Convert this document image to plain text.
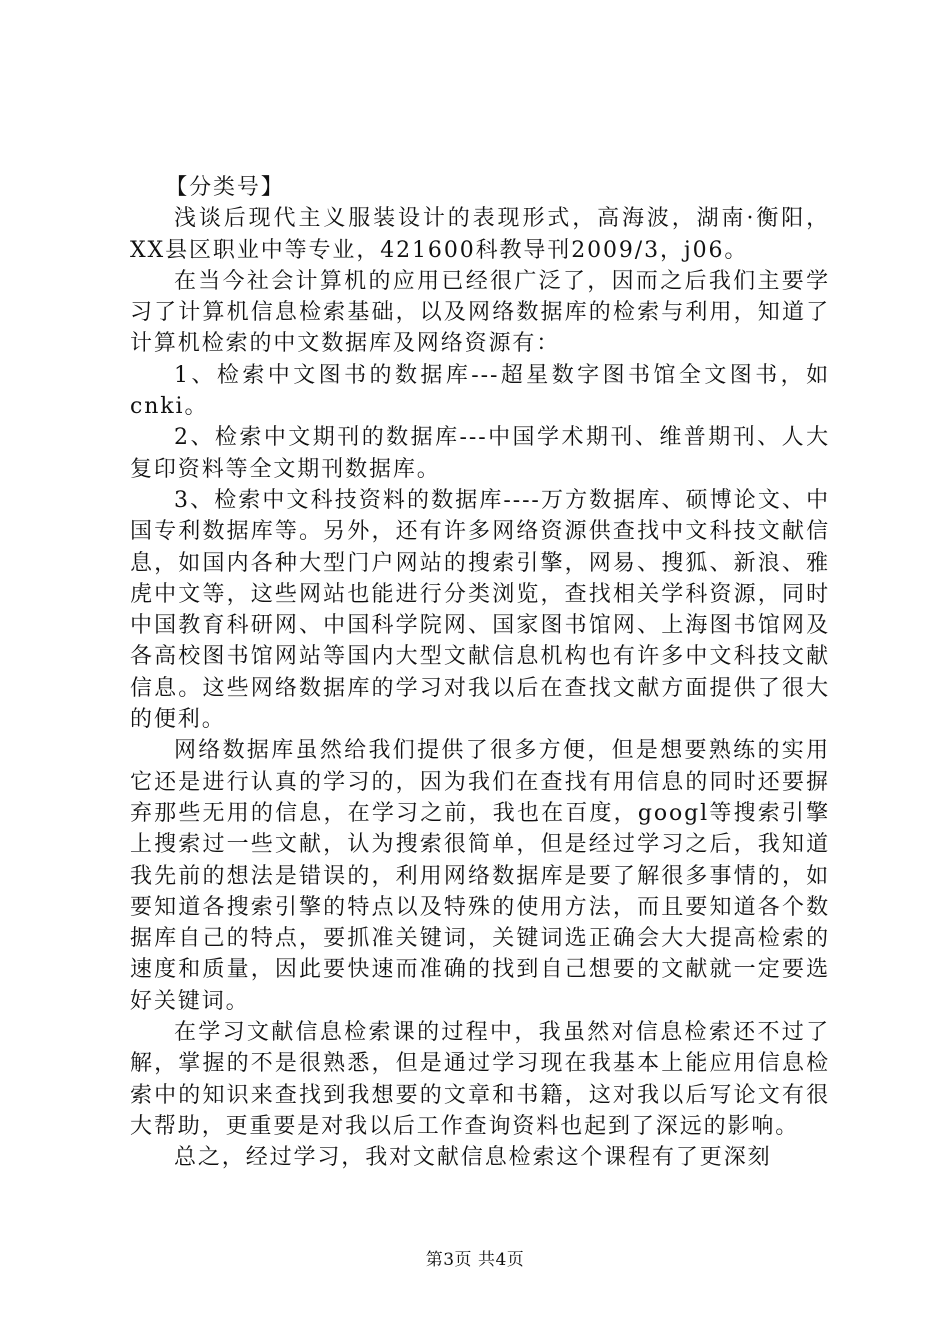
【分类号】

浅谈后现代主义服装设计的表现形式，高海波，湖南·衡阳，XX县区职业中等专业，421600科教导刊2009/3，j06。

在当今社会计算机的应用已经很广泛了，因而之后我们主要学习了计算机信息检索基础，以及网络数据库的检索与利用，知道了计算机检索的中文数据库及网络资源有：

1、检索中文图书的数据库---超星数字图书馆全文图书，如cnki。

2、检索中文期刊的数据库---中国学术期刊、维普期刊、人大复印资料等全文期刊数据库。

3、检索中文科技资料的数据库----万方数据库、硕博论文、中国专利数据库等。另外，还有许多网络资源供查找中文科技文献信息，如国内各种大型门户网站的搜索引擎，网易、搜狐、新浪、雅虎中文等，这些网站也能进行分类浏览，查找相关学科资源，同时中国教育科研网、中国科学院网、国家图书馆网、上海图书馆网及各高校图书馆网站等国内大型文献信息机构也有许多中文科技文献信息。这些网络数据库的学习对我以后在查找文献方面提供了很大的便利。

网络数据库虽然给我们提供了很多方便，但是想要熟练的实用它还是进行认真的学习的，因为我们在查找有用信息的同时还要摒弃那些无用的信息，在学习之前，我也在百度，googl等搜索引擎上搜索过一些文献，认为搜索很简单，但是经过学习之后，我知道我先前的想法是错误的，利用网络数据库是要了解很多事情的，如要知道各搜索引擎的特点以及特殊的使用方法，而且要知道各个数据库自己的特点，要抓准关键词，关键词选正确会大大提高检索的速度和质量，因此要快速而准确的找到自己想要的文献就一定要选好关键词。

在学习文献信息检索课的过程中，我虽然对信息检索还不过了解，掌握的不是很熟悉，但是通过学习现在我基本上能应用信息检索中的知识来查找到我想要的文章和书籍，这对我以后写论文有很大帮助，更重要是对我以后工作查询资料也起到了深远的影响。

总之，经过学习，我对文献信息检索这个课程有了更深刻

第3页 共4页
